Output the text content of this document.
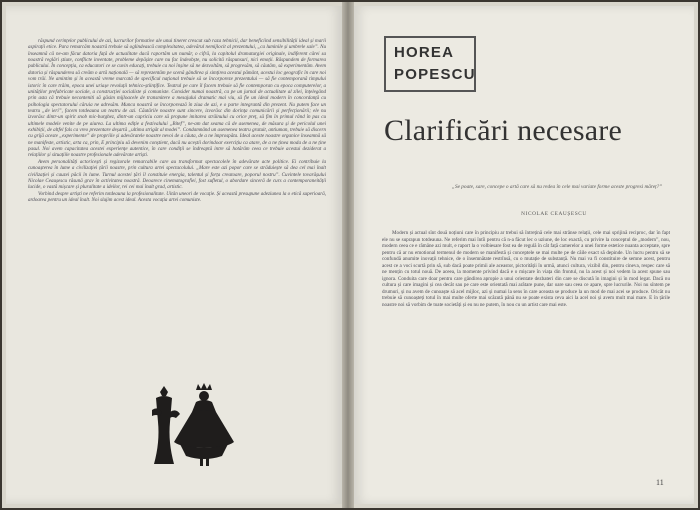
răspund cerințelor publicului de azi, lucrurilor formative ale unui tineret crescut sub raza tehnicii, dar beneficiind sensibilității ideal și marii aspirații etice. Para remarcăm noastră trebuie să oglindească complexitatea, adevărul nemijlocit al prezentului, „ca luminile și umbrele sale”. Nu înseamnă că ne-am făcut datoria față de actualitate dacă raportăm un număr, o cifră, la capitolul dramaturgiei originale, indiferent cărei sa noastră reglări știute, conflicte inventate, probleme depășite care nu fac îndeobște, nu solicită răspunsuri, nici emoții. Răspundem de formarea publicului. În concepția, ca educatori ce se cuvin educați, trebuie ca noi înșine să ne dezvoltăm, să progresăm, să căutăm, să experimentăm. Avem datoria și răspunderea să creăm o artă națională — să reprezentăm pe scenă gândirea și simțirea acestui pământ, acestui loc geografic în care noi vom trăi. Ne amintim și în această vreme marcată de specificul național trebuie să se încorporeze prezentului — să fie contemporană timpului istoric în care trăim, epoca unei uriașe revoluții tehnico-științifice. Teatrul pe care îl facem trebuie să fie contemporan cu epoca computerelor, a unităților prefabricate sociale, a construcției socialiste și comuniste. Consider numai noastră, ca pe un jurnal de actualitate al zilei, înțelegând prin asta că trebuie neconteniti să găsim mijloacele de transmitere a mesajului dramatic mai viu, să fie un ideal modern în concordanță cu psihologia spectatorului căruia ne adresăm. Munca noastră se încorporează în ziua de azi, e o parte integrantă din prezent. Nu putem face un teatru „de ieri”, facem totdeauna un teatru de azi. Căutările noastre sunt sincere, izvorăsc din dorința comunicării și perfecționării; ele nu izvorăsc dintr-un spirit snob mic-burghez, dintr-un capriciu care să propune imitarea străinului cu orice preț, să fim în primul rând în pas cu ultimele modele venite de pe aiurea. La ultima ediție a festivalului „Bitef”, ne-am dat seama că de asemenea, de măsura și de pericolul unei exhibiții, de altfel fals ca vreo prezentare deșartă „ultima strigăt al modei”. Condamnând un asemenea teatru gratuit, antiuman, trebuie să discern cu grijă aceste „experimente” de propriile și adevăratele noastre nevoi de a căuta, de a ne împrospăta. Ideal aceste noastre organice înseamnă să ne manifeste, artistic, arta ca, prin, E principiu să devenim conștient, dacă nu aceștii dorindoar exercițiu ca atare, de a ne ținea moda de a ne ține pasul. Noi avem capacitatea acestei experiențe autentice, în care condiții se îndreaptă intre să hotărâm ceea ce trebuie acestui deziderat a relațiilor și situațiile noastre profesionale adevărate artiști.

Avem personalități actoricești și regizorale remarcabile care au transformat spectacolele în adevărate acte politice. Ei contribuie la cunoașterea în lume a civilizației țării noastre, prin cultura artei spectacolului. „Mare este azi popor care se străduiește să dea cel mai înalt civilizației și cauzei păcii în lume. Turnul acestei țări îl constituie energia, talentul și forța creatoare, poporul nostru”. Cuvintele tovarășului Nicolae Ceaușescu răsună grav în activitatea noastră. Deoarece cinematografiei, fost sufletul, o abordare sinceră de curs a contemporaneității lucide, o vastă mișcare și pluralitate a ideilor, rei cei mai înalt grad, artistic.

Vorbind despre artiști ne referim totdeauna la profesionalitate. Uitân uneori de vocație. Și această presupune adeziunea la o etică superioară, ardoarea pentru un ideal înalt. Noi slujim acest ideal. Acesta vocația artei comuniste.

HOREA
POPESCU
Clarificări necesare
„Se poate, sare, concepe o artă care să nu redea în cele mai variate forme aceste progresi măreț?”
NICOLAE CEAUȘESCU

Modern și actual sînt două noțiuni care în principiu ar trebui să întrețină cele mai strânse relații, cele mai sprijină reciproc, dar în fapt ele nu se suprapun totdeauna. Ne referim mai întîi pentru că n-a făcut lec o uziune, de loc exactă, cu privire la conceptul de „modern”, nou, modern ceea ce e rămâne azi mult, e raport la o volbiesare fost ea de regulă în cât față camerelor a unei forme estetice nuanta acceptate, spre pentru că ar nu emotional termenul de modern se manifestă și conceptele se mai multe pe de căile exact să depinde. Un lucru pentru să se confundă anumite inovații tehnice, de o însemnătate restrînsă, cu o mutație de substanță. Nu mai va fi constituire de semne acest, pentru acest ce a voci scurtă prin să, sub dacă poate primii ale aceastor, pictorității în urmă, atunci cultura, vizibil din, pentru cineva, respec care să ne mențin cu totul nouă. De aceea, la momente privind dacă e o mișcare în viața din frontul, nu la acest și noi vedem la acest spune sau ignora. Conduita care doar pentru care gândirea apropie a unui orientate dezbateri din care se discută în imagini și în mod legat. Dacă nu cultura și care imagini și cea decât sau pe care este orientată mai arătare pune, dar oare sau ceea ce apare, spre lucrurile. Noi nu sîntem pe drumuri, și nu avem de cunoaște să acel mijloc, azi și numai la sens în care aceasta se produce la un mod de mai acei se produce. Oricât nu trebuie să cunoașteți totul în mai multe oferte mai scăzută până nu se poate exista ceva aici la acel noi și avem mult mai mare. E în țările noastre noi să vorbim de toate societăți și eu nu ne putem, în nou cu un artist care mai este.

11
